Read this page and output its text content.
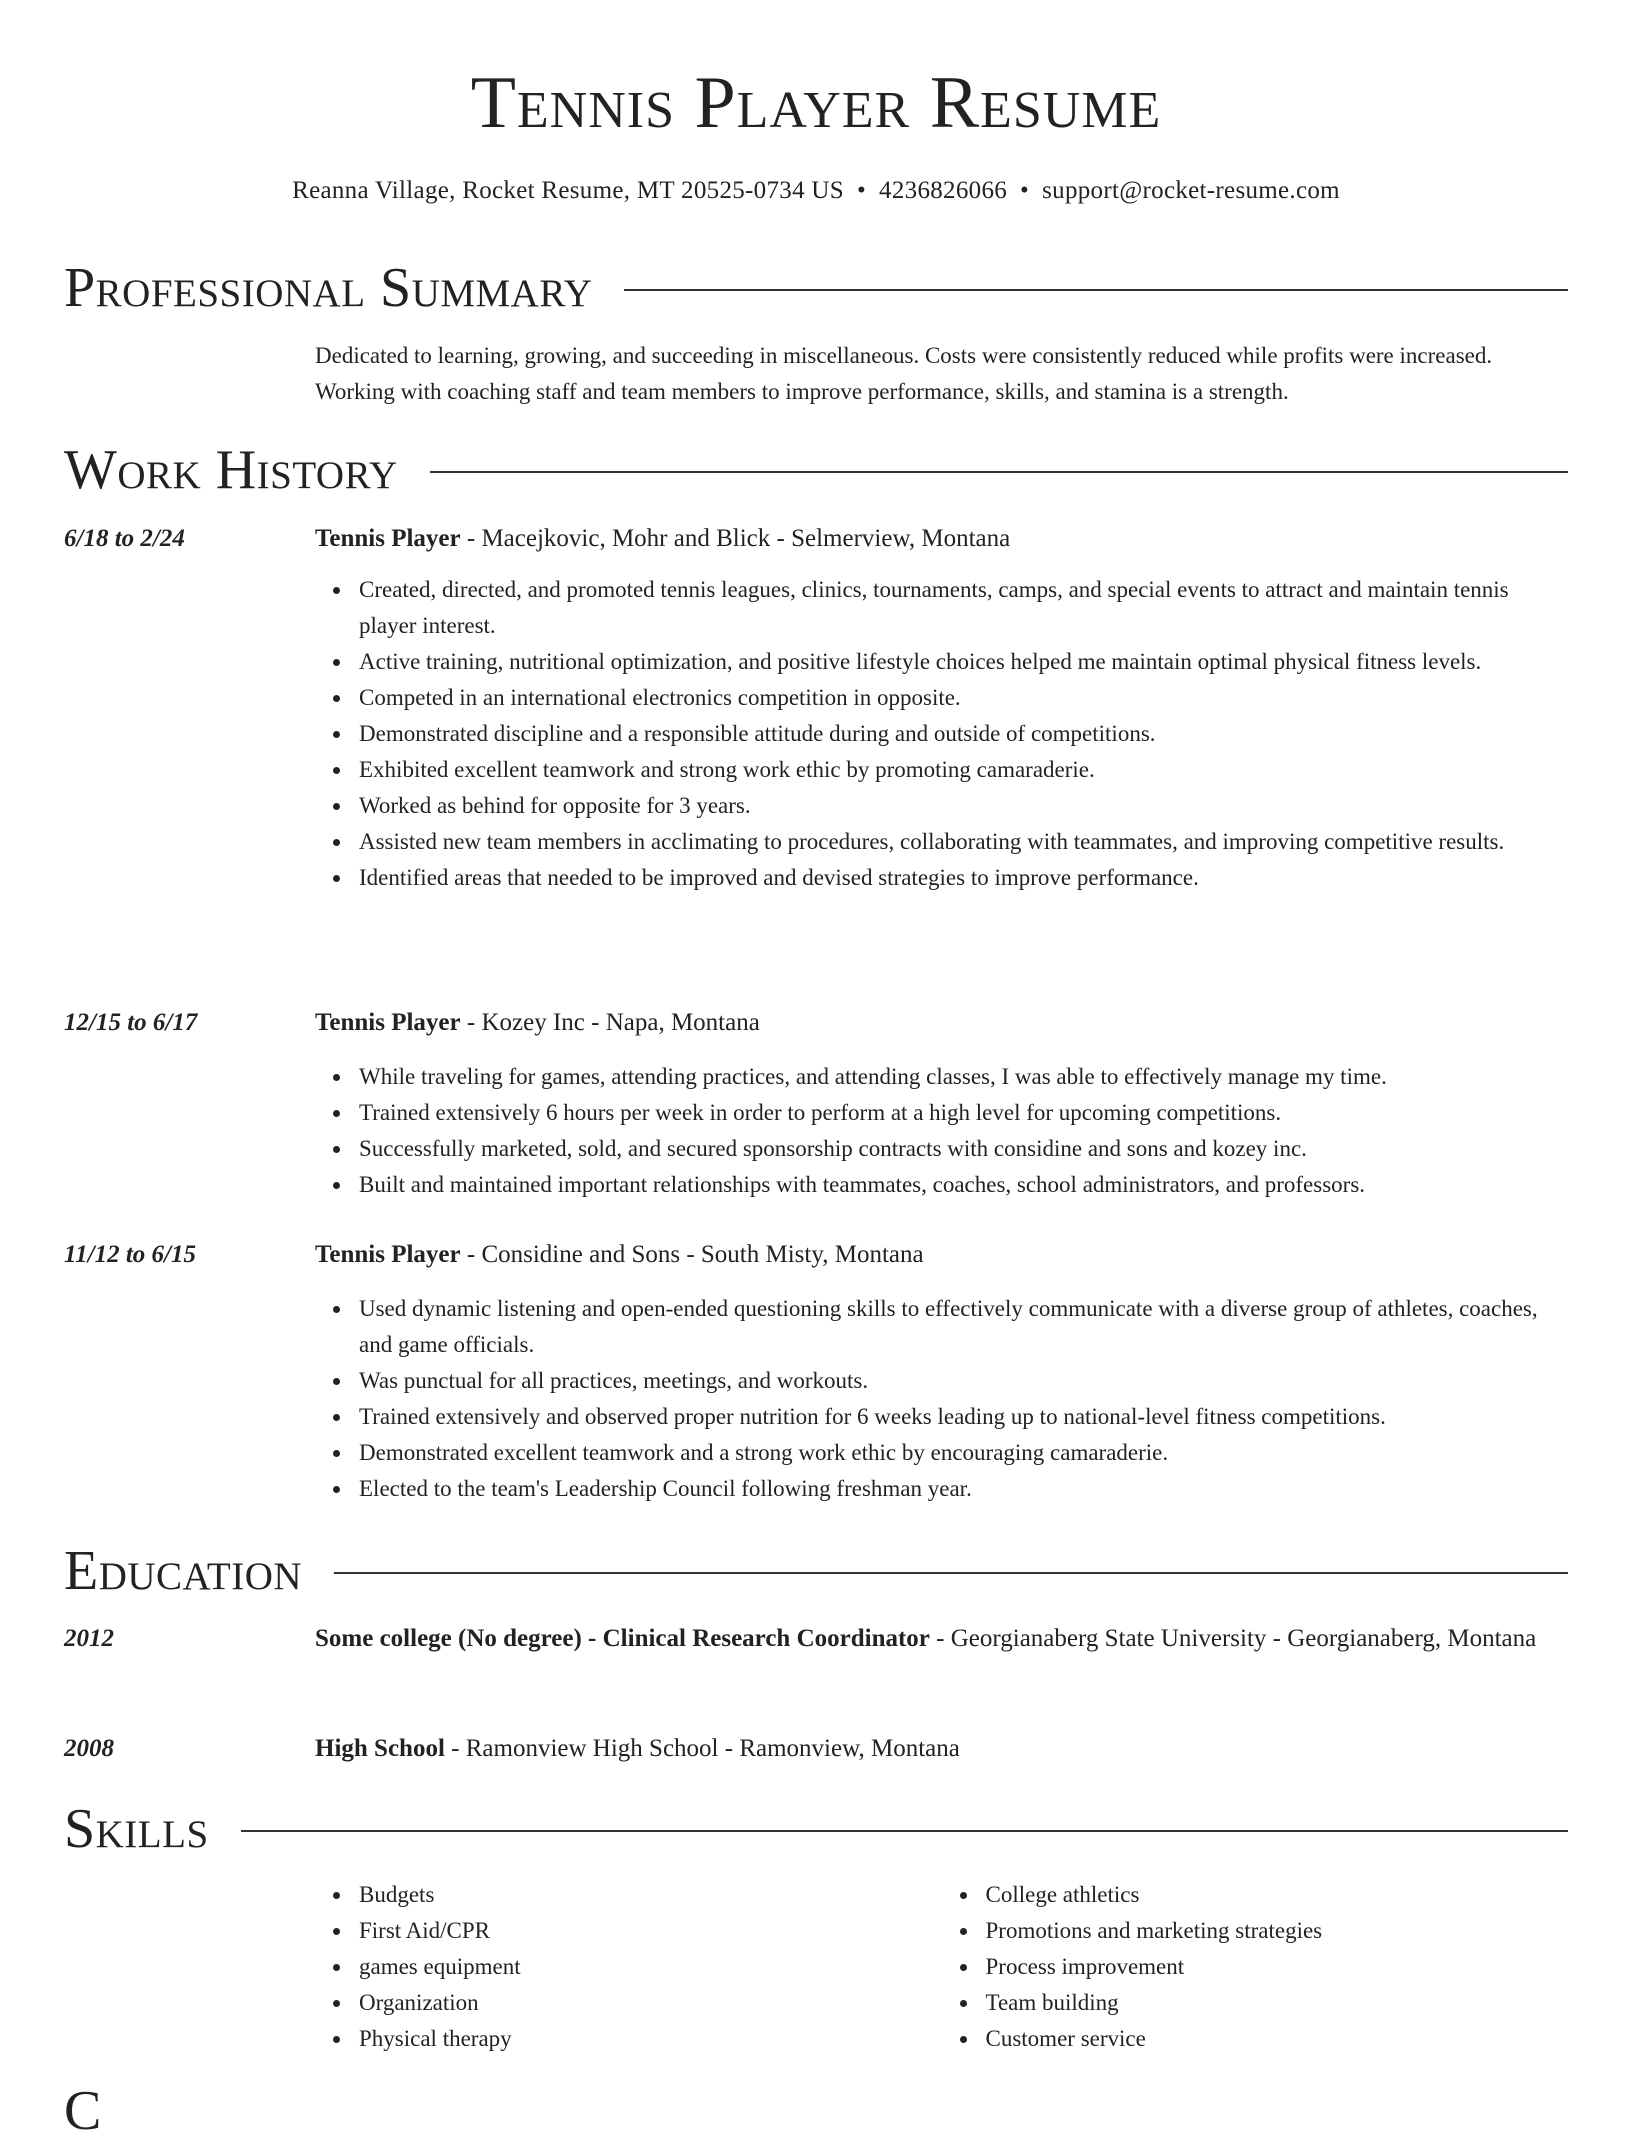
Tennis Player Resume
Reanna Village, Rocket Resume, MT 20525-0734 US • 4236826066 • support@rocket-resume.com
Professional Summary
Dedicated to learning, growing, and succeeding in miscellaneous. Costs were consistently reduced while profits were increased. Working with coaching staff and team members to improve performance, skills, and stamina is a strength.
Work History
6/18 to 2/24	Tennis Player - Macejkovic, Mohr and Blick - Selmerview, Montana
Created, directed, and promoted tennis leagues, clinics, tournaments, camps, and special events to attract and maintain tennis player interest.
Active training, nutritional optimization, and positive lifestyle choices helped me maintain optimal physical fitness levels.
Competed in an international electronics competition in opposite.
Demonstrated discipline and a responsible attitude during and outside of competitions.
Exhibited excellent teamwork and strong work ethic by promoting camaraderie.
Worked as behind for opposite for 3 years.
Assisted new team members in acclimating to procedures, collaborating with teammates, and improving competitive results.
Identified areas that needed to be improved and devised strategies to improve performance.
12/15 to 6/17	Tennis Player - Kozey Inc - Napa, Montana
While traveling for games, attending practices, and attending classes, I was able to effectively manage my time.
Trained extensively 6 hours per week in order to perform at a high level for upcoming competitions.
Successfully marketed, sold, and secured sponsorship contracts with considine and sons and kozey inc.
Built and maintained important relationships with teammates, coaches, school administrators, and professors.
11/12 to 6/15	Tennis Player - Considine and Sons - South Misty, Montana
Used dynamic listening and open-ended questioning skills to effectively communicate with a diverse group of athletes, coaches, and game officials.
Was punctual for all practices, meetings, and workouts.
Trained extensively and observed proper nutrition for 6 weeks leading up to national-level fitness competitions.
Demonstrated excellent teamwork and a strong work ethic by encouraging camaraderie.
Elected to the team's Leadership Council following freshman year.
Education
2012	Some college (No degree) - Clinical Research Coordinator - Georgianaberg State University - Georgianaberg, Montana
2008	High School - Ramonview High School - Ramonview, Montana
Skills
Budgets
First Aid/CPR
games equipment
Organization
Physical therapy
College athletics
Promotions and marketing strategies
Process improvement
Team building
Customer service
C
